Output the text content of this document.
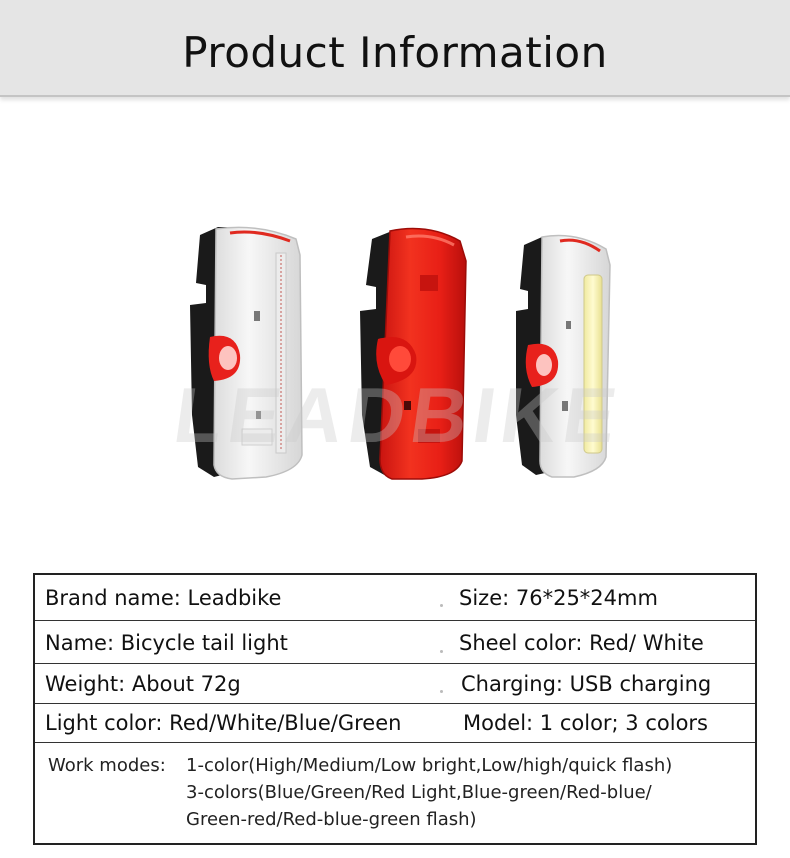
Product Information
LEADBIKE
Brand name: Leadbike	Size: 76*25*24mm
Name: Bicycle tail light	Sheel color: Red/ White
Weight: About 72g	Charging: USB charging
Light color: Red/White/Blue/Green	Model: 1 color; 3 colors
Work modes: 1-color(High/Medium/Low bright,Low/high/quick flash)
3-colors(Blue/Green/Red Light,Blue-green/Red-blue/
Green-red/Red-blue-green flash)
